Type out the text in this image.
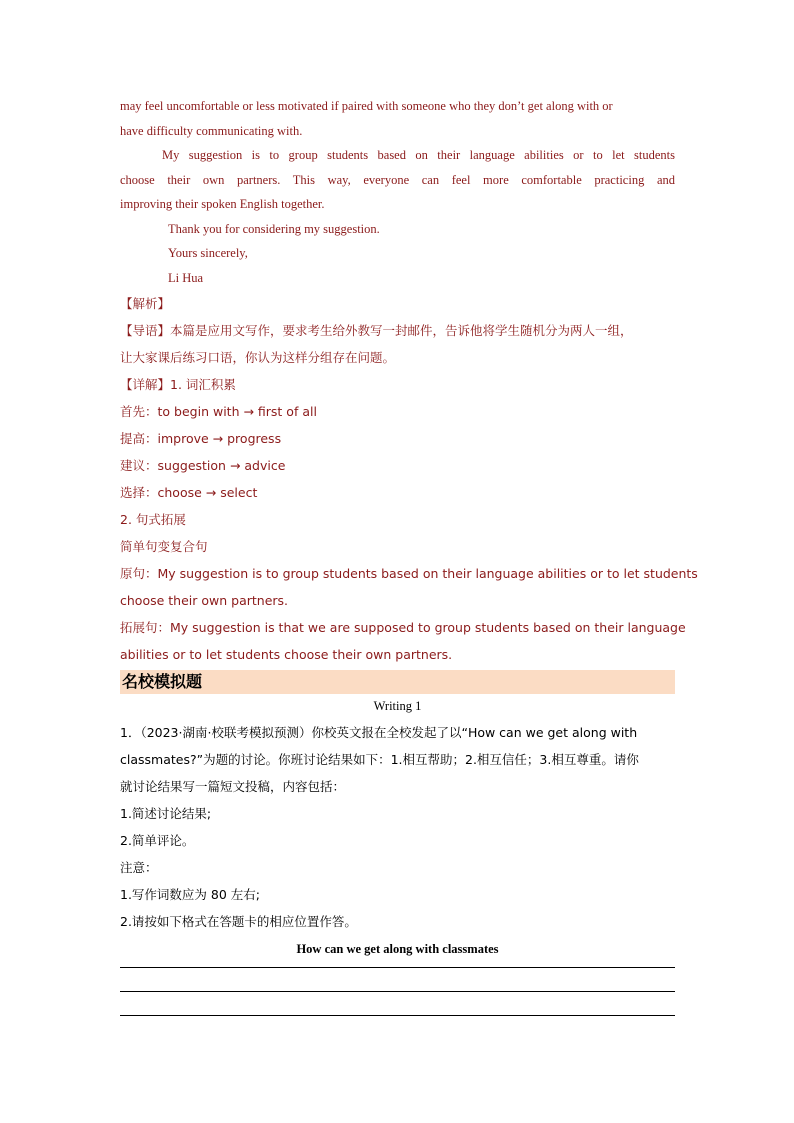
may feel uncomfortable or less motivated if paired with someone who they don’t get along with or
have difficulty communicating with.
My suggestion is to group students based on their language abilities or to let students
choose their own partners. This way, everyone can feel more comfortable practicing and
improving their spoken English together.
Thank you for considering my suggestion.
Yours sincerely,
Li Hua
【解析】
【导语】本篇是应用文写作，要求考生给外教写一封邮件，告诉他将学生随机分为两人一组，
让大家课后练习口语，你认为这样分组存在问题。
【详解】1. 词汇积累
首先：to begin with → first of all
提高：improve → progress
建议：suggestion → advice
选择：choose → select
2. 句式拓展
简单句变复合句
原句：My suggestion is to group students based on their language abilities or to let students
choose their own partners.
拓展句：My suggestion is that we are supposed to group students based on their language
abilities or to let students choose their own partners.
名校模拟题
Writing 1
1．（2023·湖南·校联考模拟预测）你校英文报在全校发起了以“How can we get along with
classmates?”为题的讨论。你班讨论结果如下：1.相互帮助；2.相互信任；3.相互尊重。请你
就讨论结果写一篇短文投稿，内容包括：
1.简述讨论结果;
2.简单评论。
注意：
1.写作词数应为 80 左右;
2.请按如下格式在答题卡的相应位置作答。
How can we get along with classmates
